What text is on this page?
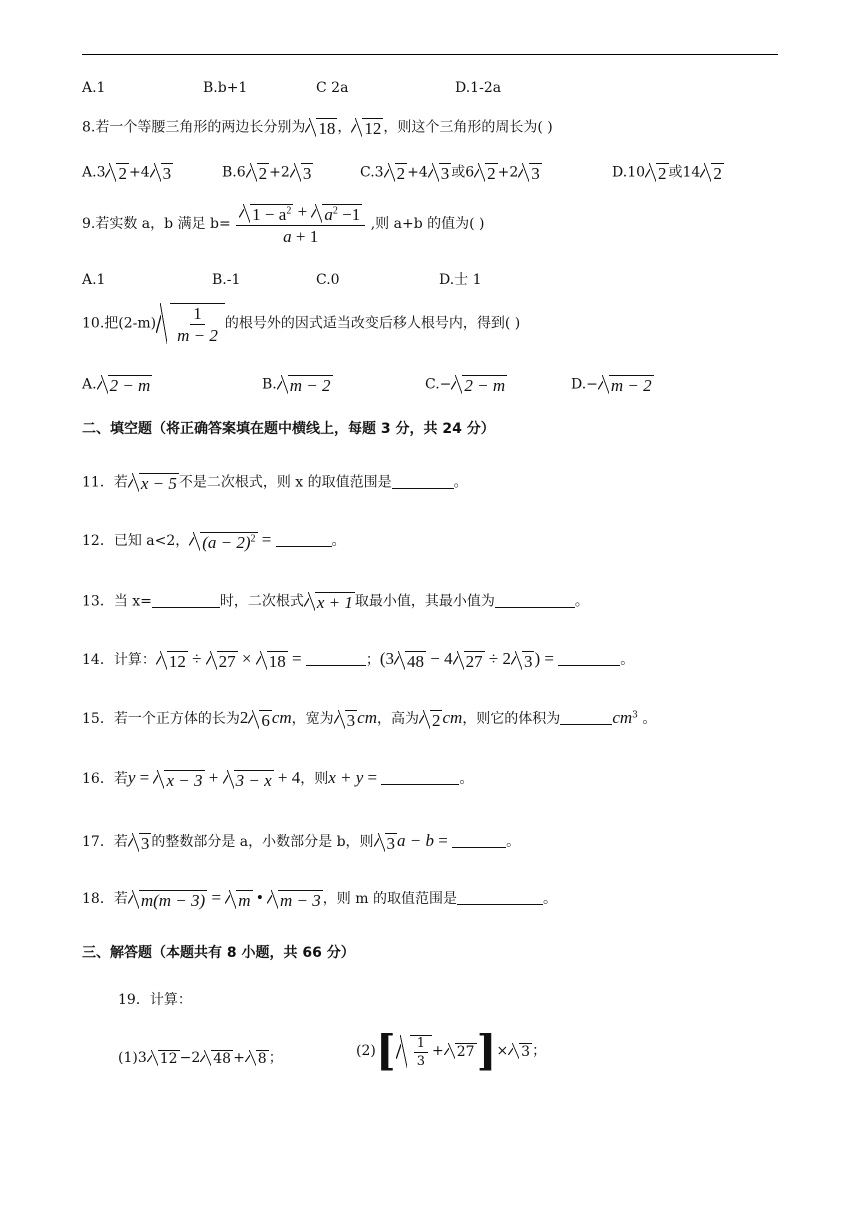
A.1	B.b+1	C 2a	D.1-2a
8.若一个等腰三角形的两边长分别为 18 ， 12 ，则这个三角形的周长为( )
A.3 2 +4 3	B.6 2 +2 3	C.3 2 +4 3 或6 2 +2 3	D.10 2 或14 2
9.若实数 a，b 满足 $b= \frac{1 - a^2 + a^2 -1}{a + 1}$ ,则 a+b 的值为( )
A.1	B.-1	C.0	D.士 1
10.把$(2-m) \frac{1}{m - 2}$ 的根号外的因式适当改变后移人根号内，得到( )
A. 2 − m	B. m − 2	C.− 2 − m	D.− m − 2
二、填空题（将正确答案填在题中横线上，每题 3 分，共 24 分）
11．若 x − 5 不是二次根式，则 x 的取值范围是	。
12．已知 a<2， $(a - 2)^2$ =	。
13．当 x=	时，二次根式 x + 1 取最小值，其最小值为	。
14．计算： 12 ÷ 27 × 18 =	；(3 48 − 4 27 ÷ 2 3 ) =	。
15．若一个正方体的长为2 6 cm，宽为 3 cm，高为 2 cm，则它的体积为	$cm^3$ 。
16．若y = x − 3 + 3 − x + 4，则x + y =	。
17．若 3 的整数部分是 a，小数部分是 b，则 3 a − b =	。
18．若 m(m − 3) = m • m − 3 ，则 m 的取值范围是	。
三、解答题（本题共有 8 小题，共 66 分）
19．计算：
(1)3 12 −2 48 + 8 ；	$(2)[ \frac{1}{3} + 27]\times 3$ ；
